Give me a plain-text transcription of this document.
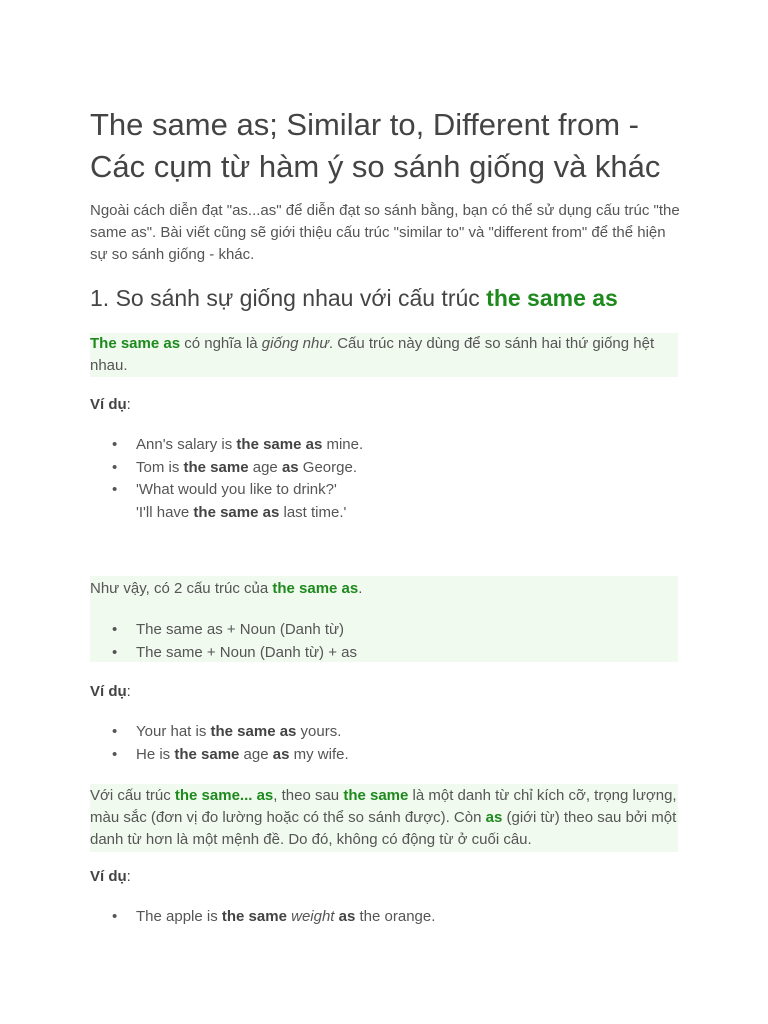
The same as; Similar to, Different from -
Các cụm từ hàm ý so sánh giống và khác

Ngoài cách diễn đạt "as...as" để diễn đạt so sánh bằng, bạn có thể sử dụng cấu trúc "the same as". Bài viết cũng sẽ giới thiệu cấu trúc "similar to" và "different from" để thể hiện sự so sánh giống - khác.

1. So sánh sự giống nhau với cấu trúc the same as

The same as có nghĩa là giống như. Cấu trúc này dùng để so sánh hai thứ giống hệt nhau.

Ví dụ:

• Ann's salary is the same as mine.
• Tom is the same age as George.
• 'What would you like to drink?'
'I'll have the same as last time.'

Như vậy, có 2 cấu trúc của the same as.

• The same as + Noun (Danh từ)
• The same + Noun (Danh từ) + as

Ví dụ:

• Your hat is the same as yours.
• He is the same age as my wife.

Với cấu trúc the same... as, theo sau the same là một danh từ chỉ kích cỡ, trọng lượng, màu sắc (đơn vị đo lường hoặc có thể so sánh được). Còn as (giới từ) theo sau bởi một danh từ hơn là một mệnh đề. Do đó, không có động từ ở cuối câu.

Ví dụ:

• The apple is the same weight as the orange.
